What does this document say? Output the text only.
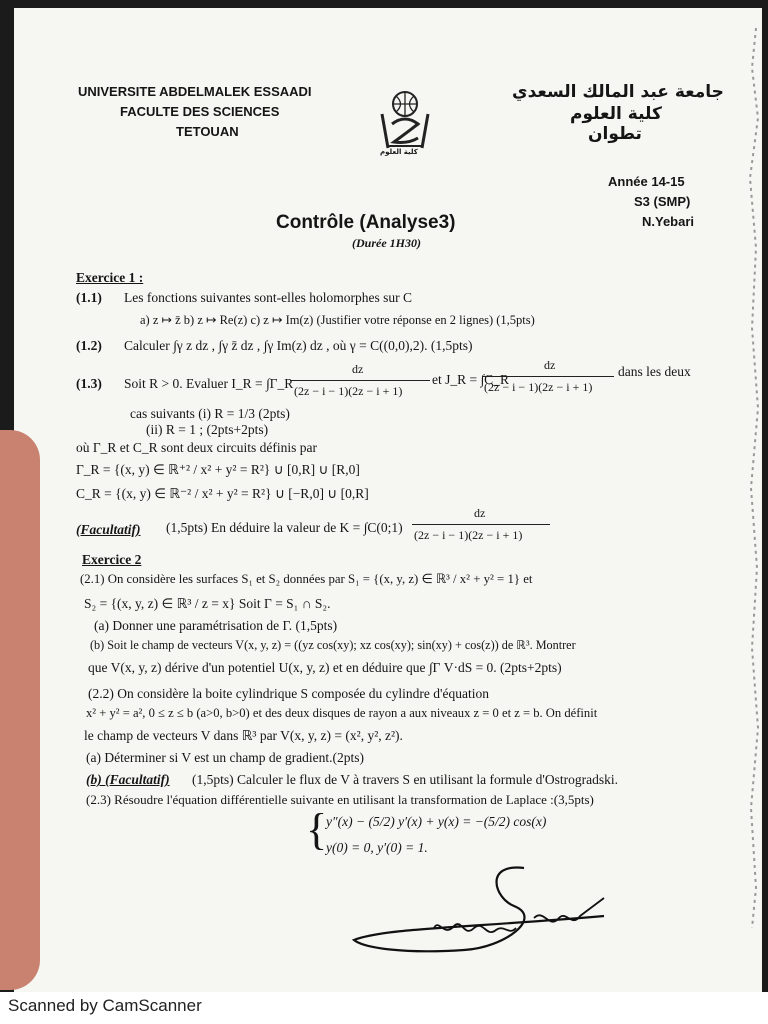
UNIVERSITE ABDELMALEK ESSAADI
FACULTE DES SCIENCES
TETOUAN
كلية العلوم
جامعة عبد المالك السعدي
كلية العلوم
تطوان
Année 14-15
S3 (SMP)
N.Yebari
Contrôle (Analyse3)
(Durée 1H30)
Exercice 1 :
(1.1) Les fonctions suivantes sont-elles holomorphes sur C
a) z ↦ z̄ b) z ↦ Re(z) c) z ↦ Im(z) (Justifier votre réponse en 2 lignes) (1,5pts)
(1.2) Calculer ∫γ z dz , ∫γ z̄ dz , ∫γ Im(z) dz , où γ = C((0,0),2). (1,5pts)
(1.3) Soit R > 0. Evaluer I_R = ∫Γ_R
dz
(2z − i − 1)(2z − i + 1)
et J_R = ∫C_R
dz
(2z − i − 1)(2z − i + 1)
dans les deux
cas suivants (i) R = 1/3 (2pts)
(ii) R = 1 ; (2pts+2pts)
où Γ_R et C_R sont deux circuits définis par
Γ_R = {(x, y) ∈ ℝ⁺² / x² + y² = R²} ∪ [0,R] ∪ [R,0]
C_R = {(x, y) ∈ ℝ⁻² / x² + y² = R²} ∪ [−R,0] ∪ [0,R]
(Facultatif) (1,5pts) En déduire la valeur de K = ∫C(0;1)
dz
(2z − i − 1)(2z − i + 1)
Exercice 2
(2.1) On considère les surfaces S₁ et S₂ données par S₁ = {(x, y, z) ∈ ℝ³ / x² + y² = 1} et
S₂ = {(x, y, z) ∈ ℝ³ / z = x} Soit Γ = S₁ ∩ S₂.
(a) Donner une paramétrisation de Γ. (1,5pts)
(b) Soit le champ de vecteurs V(x, y, z) = ((yz cos(xy); xz cos(xy); sin(xy) + cos(z)) de ℝ³. Montrer
que V(x, y, z) dérive d'un potentiel U(x, y, z) et en déduire que ∫Γ V·dS = 0. (2pts+2pts)
(2.2) On considère la boite cylindrique S composée du cylindre d'équation
x² + y² = a², 0 ≤ z ≤ b (a>0, b>0) et des deux disques de rayon a aux niveaux z = 0 et z = b. On définit
le champ de vecteurs V dans ℝ³ par V(x, y, z) = (x², y², z²).
(a) Déterminer si V est un champ de gradient.(2pts)
(b) (Facultatif) (1,5pts) Calculer le flux de V à travers S en utilisant la formule d'Ostrogradski.
(2.3) Résoudre l'équation différentielle suivante en utilisant la transformation de Laplace :(3,5pts)
{
y″(x) − (5/2) y′(x) + y(x) = −(5/2) cos(x)
y(0) = 0, y′(0) = 1.
Scanned by CamScanner
